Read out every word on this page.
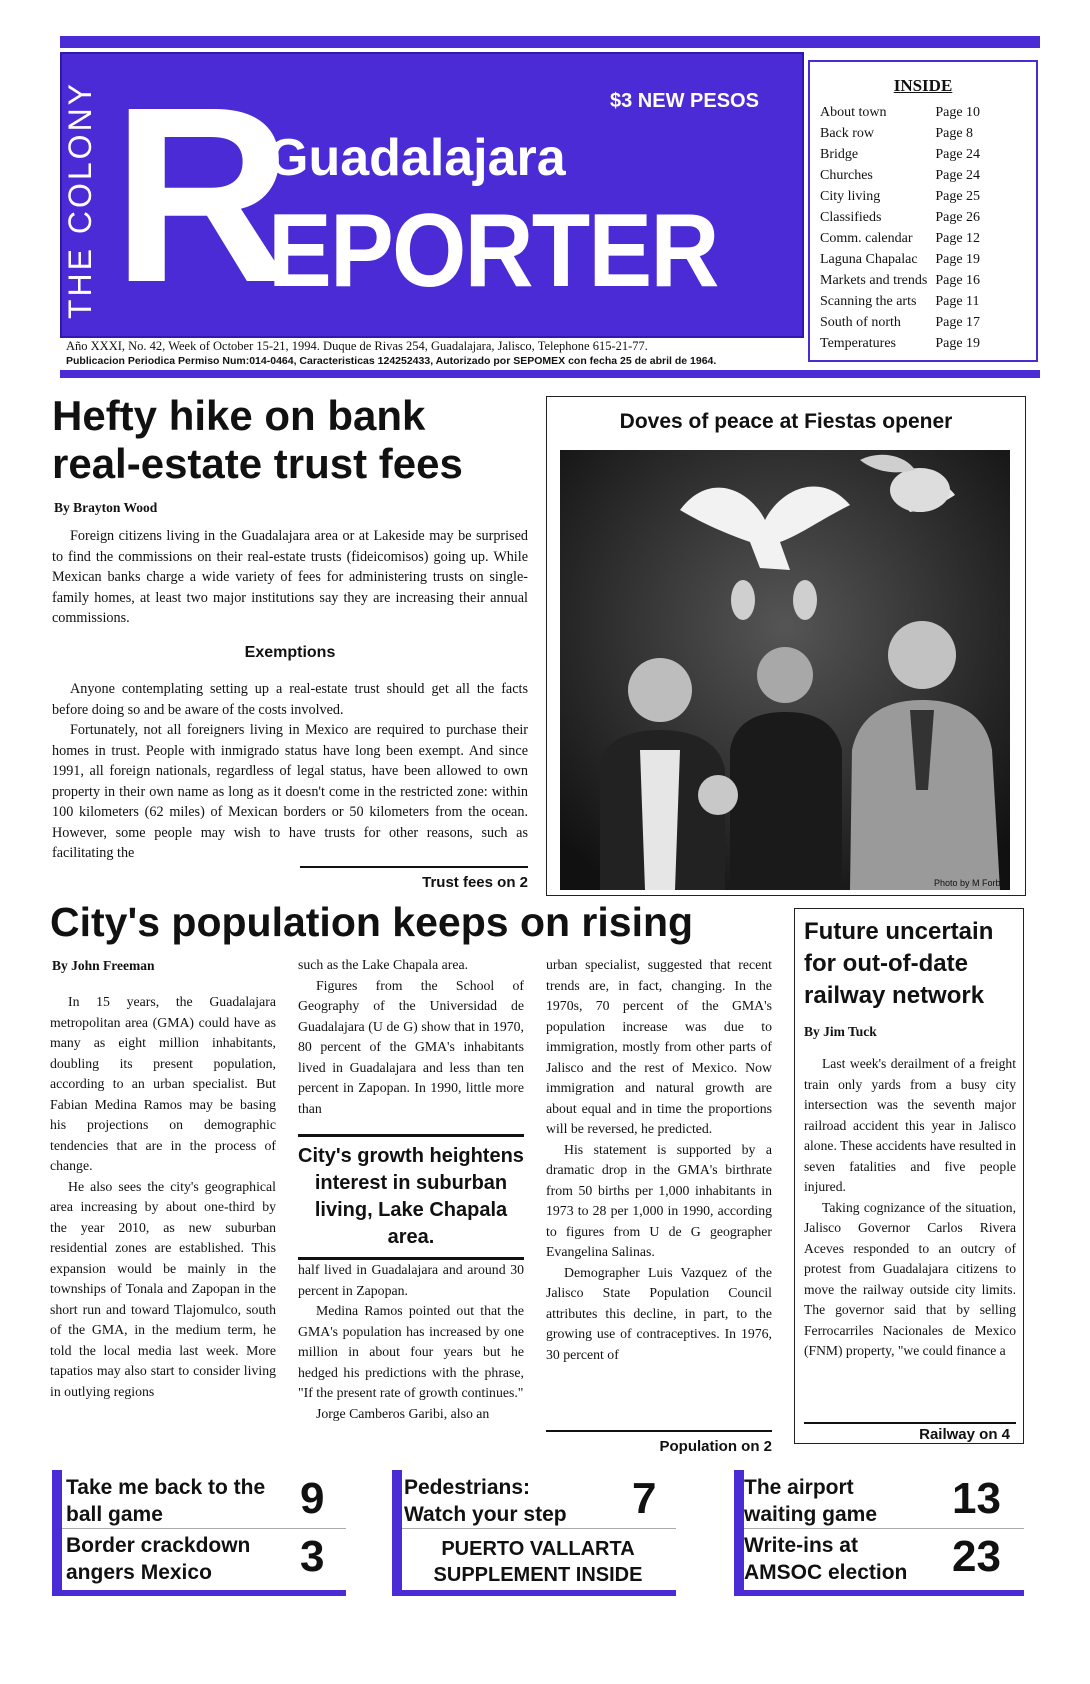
THE COLONY R
Guadalajara
EPORTER
$3 NEW PESOS
Año XXXI, No. 42, Week of October 15-21, 1994. Duque de Rivas 254, Guadalajara, Jalisco, Telephone 615-21-77.
Publicacion Periodica Permiso Num:014-0464, Caracteristicas 124252433, Autorizado por SEPOMEX con fecha 25 de abril de 1964.
INSIDE
About town	Page 10
Back row	Page 8
Bridge	Page 24
Churches	Page 24
City living	Page 25
Classifieds	Page 26
Comm. calendar	Page 12
Laguna Chapalac	Page 19
Markets and trends	Page 16
Scanning the arts	Page 11
South of north	Page 17
Temperatures	Page 19
Hefty hike on bank
real-estate trust fees
By Brayton Wood

Foreign citizens living in the Guadalajara area or at Lakeside may be surprised to find the commissions on their real-estate trusts (fideicomisos) going up. While Mexican banks charge a wide variety of fees for administering trusts on single-family homes, at least two major institutions say they are increasing their annual commissions.

Exemptions

Anyone contemplating setting up a real-estate trust should get all the facts before doing so and be aware of the costs involved.

Fortunately, not all foreigners living in Mexico are required to purchase their homes in trust. People with inmigrado status have long been exempt. And since 1991, all foreign nationals, regardless of legal status, have been allowed to own property in their own name as long as it doesn't come in the restricted zone: within 100 kilometers (62 miles) of Mexican borders or 50 kilometers from the ocean. However, some people may wish to have trusts for other reasons, such as facilitating the

Trust fees on 2
Doves of peace at Fiestas opener
Photo by M Forbes
City's population keeps on rising
By John Freeman

In 15 years, the Guadalajara metropolitan area (GMA) could have as many as eight million inhabitants, doubling its present population, according to an urban specialist. But Fabian Medina Ramos may be basing his projections on demographic tendencies that are in the process of change.

He also sees the city's geographical area increasing by about one-third by the year 2010, as new suburban residential zones are established. This expansion would be mainly in the townships of Tonala and Zapopan in the short run and toward Tlajomulco, south of the GMA, in the medium term, he told the local media last week. More tapatios may also start to consider living in outlying regions

such as the Lake Chapala area.

Figures from the School of Geography of the Universidad de Guadalajara (U de G) show that in 1970, 80 percent of the GMA's inhabitants lived in Guadalajara and less than ten percent in Zapopan. In 1990, little more than

City's growth heightens interest in suburban living, Lake Chapala area.

half lived in Guadalajara and around 30 percent in Zapopan.

Medina Ramos pointed out that the GMA's population has increased by one million in about four years but he hedged his predictions with the phrase, "If the present rate of growth continues."

Jorge Camberos Garibi, also an

urban specialist, suggested that recent trends are, in fact, changing. In the 1970s, 70 percent of the GMA's population increase was due to immigration, mostly from other parts of Jalisco and the rest of Mexico. Now immigration and natural growth are about equal and in time the proportions will be reversed, he predicted.

His statement is supported by a dramatic drop in the GMA's birthrate from 50 births per 1,000 inhabitants in 1973 to 28 per 1,000 in 1990, according to figures from U de G geographer Evangelina Salinas.

Demographer Luis Vazquez of the Jalisco State Population Council attributes this decline, in part, to the growing use of contraceptives. In 1976, 30 percent of

Population on 2
Future uncertain for out-of-date railway network
By Jim Tuck

Last week's derailment of a freight train only yards from a busy city intersection was the seventh major railroad accident this year in Jalisco alone. These accidents have resulted in seven fatalities and five people injured.

Taking cognizance of the situation, Jalisco Governor Carlos Rivera Aceves responded to an outcry of protest from Guadalajara citizens to move the railway outside city limits. The governor said that by selling Ferrocarriles Nacionales de Mexico (FNM) property, "we could finance a

Railway on 4
Take me back to the ball game	9
Border crackdown angers Mexico	3
Pedestrians: Watch your step	7
PUERTO VALLARTA SUPPLEMENT INSIDE
The airport waiting game	13
Write-ins at AMSOC election	23
